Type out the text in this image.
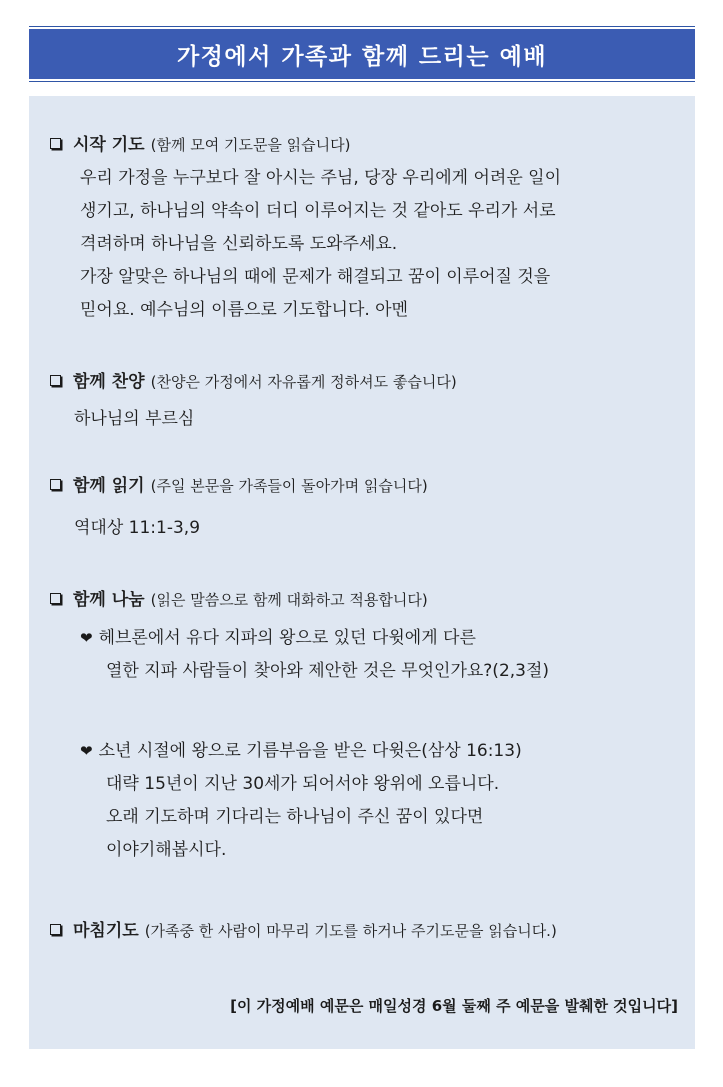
가정에서 가족과 함께 드리는 예배
시작 기도 (함께 모여 기도문을 읽습니다)
우리 가정을 누구보다 잘 아시는 주님, 당장 우리에게 어려운 일이
생기고, 하나님의 약속이 더디 이루어지는 것 같아도 우리가 서로
격려하며 하나님을 신뢰하도록 도와주세요.
가장 알맞은 하나님의 때에 문제가 해결되고 꿈이 이루어질 것을
믿어요. 예수님의 이름으로 기도합니다. 아멘
함께 찬양 (찬양은 가정에서 자유롭게 정하셔도 좋습니다)
하나님의 부르심
함께 읽기 (주일 본문을 가족들이 돌아가며 읽습니다)
역대상 11:1-3,9
함께 나눔 (읽은 말씀으로 함께 대화하고 적용합니다)
❤ 헤브론에서 유다 지파의 왕으로 있던 다윗에게 다른
열한 지파 사람들이 찾아와 제안한 것은 무엇인가요?(2,3절)
❤ 소년 시절에 왕으로 기름부음을 받은 다윗은(삼상 16:13)
대략 15년이 지난 30세가 되어서야 왕위에 오릅니다.
오래 기도하며 기다리는 하나님이 주신 꿈이 있다면
이야기해봅시다.
마침기도 (가족중 한 사람이 마무리 기도를 하거나 주기도문을 읽습니다.)
[이 가정예배 예문은 매일성경 6월 둘째 주 예문을 발췌한 것입니다]
